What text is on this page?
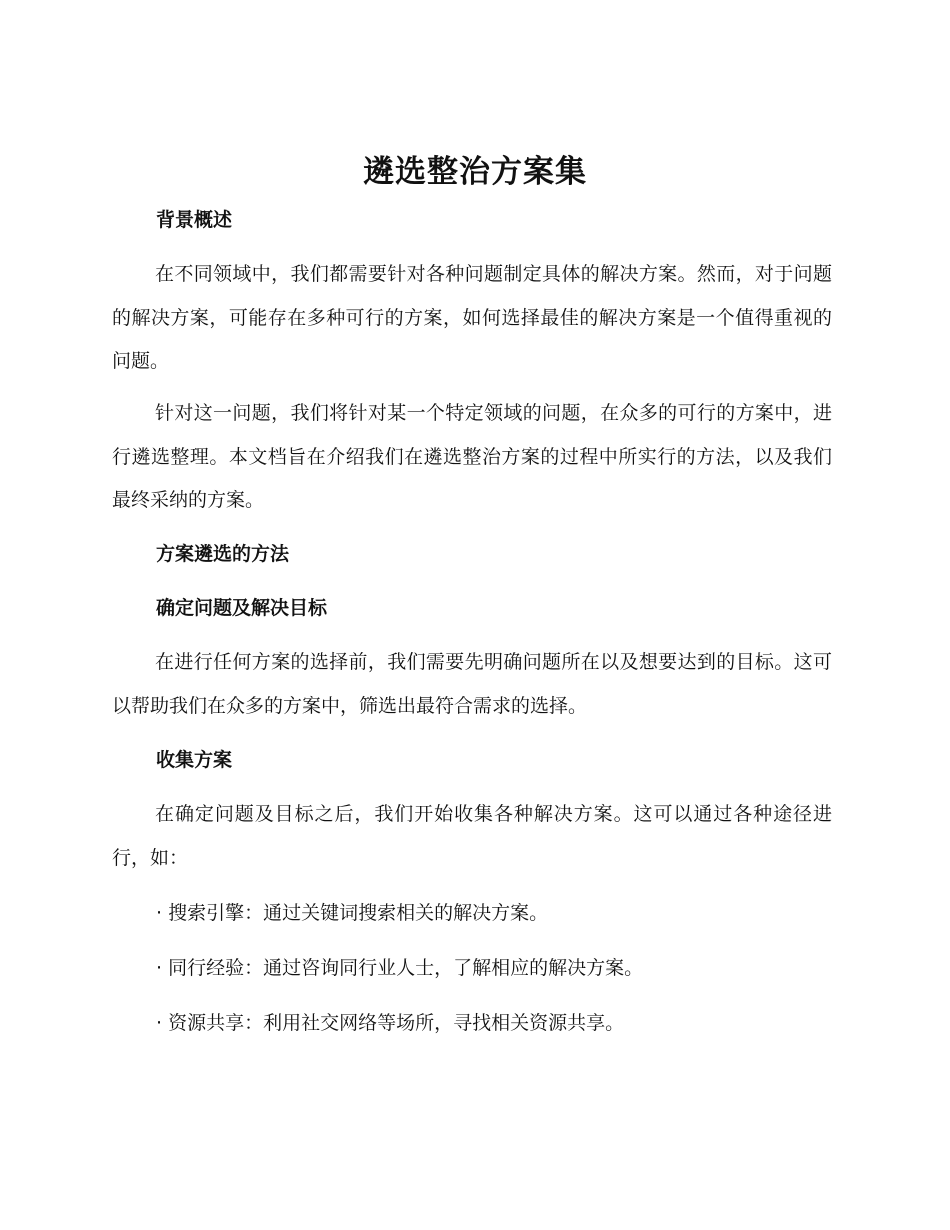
遴选整治方案集
背景概述

在不同领域中，我们都需要针对各种问题制定具体的解决方案。然而，对于问题的解决方案，可能存在多种可行的方案，如何选择最佳的解决方案是一个值得重视的问题。

针对这一问题，我们将针对某一个特定领域的问题，在众多的可行的方案中，进行遴选整理。本文档旨在介绍我们在遴选整治方案的过程中所实行的方法，以及我们最终采纳的方案。

方案遴选的方法
确定问题及解决目标

在进行任何方案的选择前，我们需要先明确问题所在以及想要达到的目标。这可以帮助我们在众多的方案中，筛选出最符合需求的选择。

收集方案

在确定问题及目标之后，我们开始收集各种解决方案。这可以通过各种途径进行，如：

· 搜索引擎：通过关键词搜索相关的解决方案。
· 同行经验：通过咨询同行业人士，了解相应的解决方案。
· 资源共享：利用社交网络等场所，寻找相关资源共享。
